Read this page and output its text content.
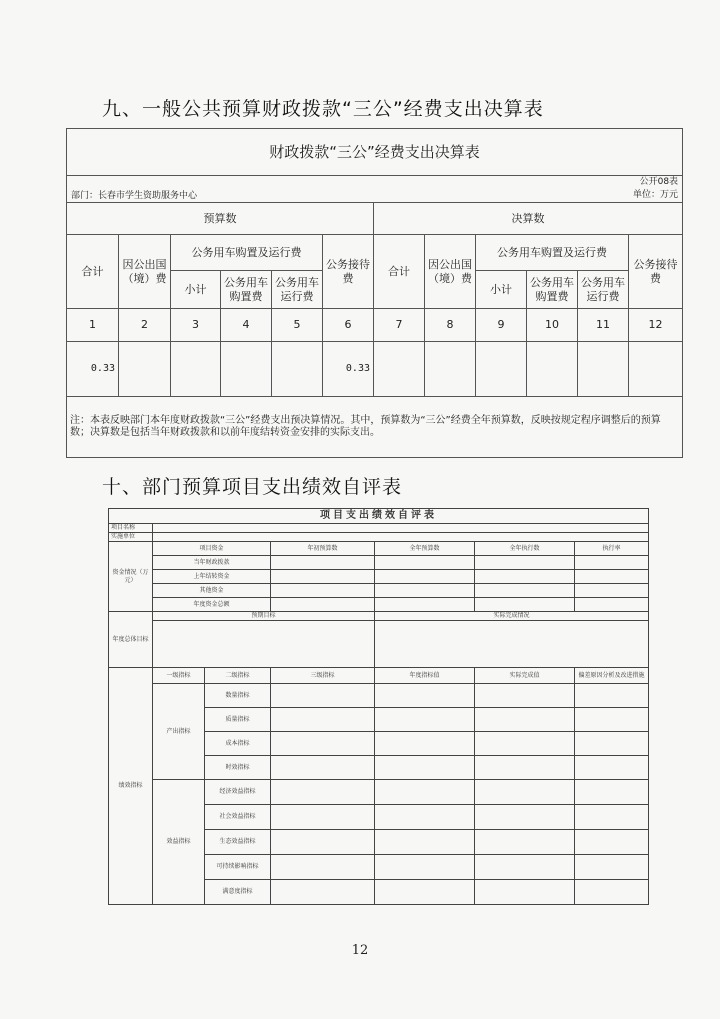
九、一般公共预算财政拨款“三公”经费支出决算表
财政拨款“三公”经费支出决算表											
部门：长春市学生资助服务中心									公开08表
单位：万元		

预算数						决算数					
合计	因公出国（境）费	公务用车购置及运行费			公务接待费	合计	因公出国（境）费	公务用车购置及运行费			公务接待费
		小计	公务用车购置费	公务用车运行费				小计	公务用车购置费	公务用车运行费	
1	2	3	4	5	6	7	8	9	10	11	12
0.33					0.33						
注：本表反映部门本年度财政拨款“三公”经费支出预决算情况。其中，预算数为“三公”经费全年预算数，反映按规定程序调整后的预算数；决算数是包括当年财政拨款和以前年度结转资金安排的实际支出。											
十、部门预算项目支出绩效自评表
项目支出绩效自评表						
项目名称						
实施单位						
资金情况（万元）	项目资金		年初预算数	全年预算数	全年执行数	执行率
	当年财政拨款					
	上年结转资金					
	其他资金					
	年度资金总额					
年度总体目标	预期目标			实际完成情况		

绩效指标	一级指标	二级指标	三级指标	年度指标值	实际完成值	偏差原因分析及改进措施
	产出指标	数量指标				
		质量指标				
		成本指标				
		时效指标				
	效益指标	经济效益指标				
		社会效益指标				
		生态效益指标				
		可持续影响指标				
		满意度指标				
12
